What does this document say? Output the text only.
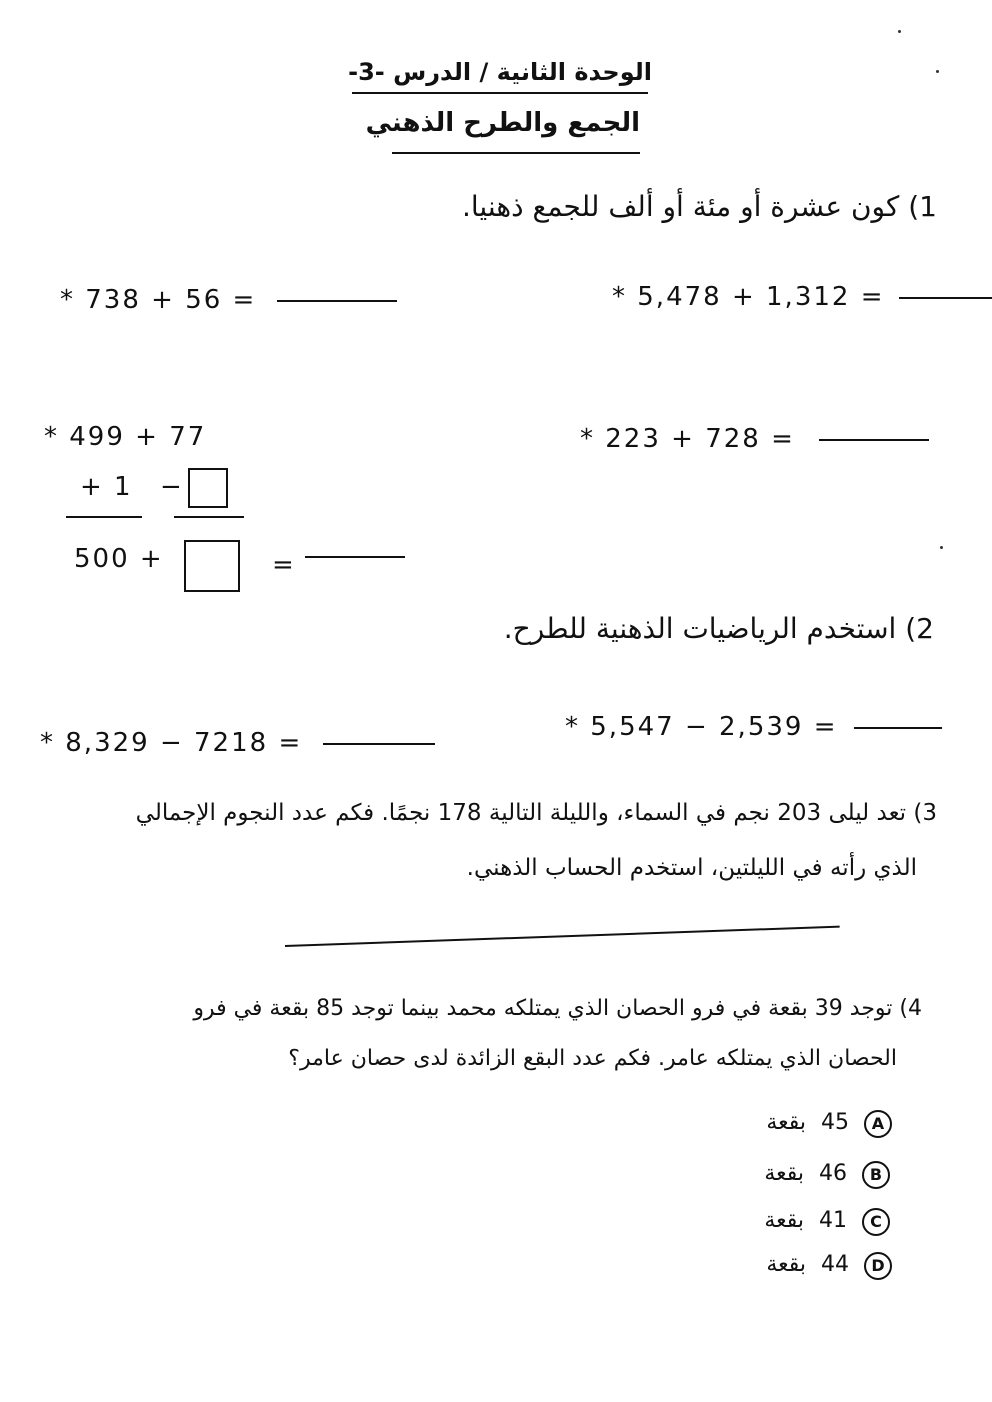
الوحدة الثانية / الدرس -3-
الجمع والطرح الذهني
1) كون عشرة أو مئة أو ألف للجمع ذهنيا.
* 738 + 56 =	* 5,478 + 1,312 =
* 499 + 77
+ 1 −
500 +	=
* 223 + 728 =
2) استخدم الرياضيات الذهنية للطرح.
* 8,329 − 7218 =
* 5,547 − 2,539 =
3) تعد ليلى 203 نجم في السماء، والليلة التالية 178 نجمًا. فكم عدد النجوم الإجمالي
الذي رأته في الليلتين، استخدم الحساب الذهني.
4) توجد 39 بقعة في فرو الحصان الذي يمتلكه محمد بينما توجد 85 بقعة في فرو
الحصان الذي يمتلكه عامر. فكم عدد البقع الزائدة لدى حصان عامر؟
A 45 بقعة
B 46 بقعة
C 41 بقعة
D 44 بقعة
